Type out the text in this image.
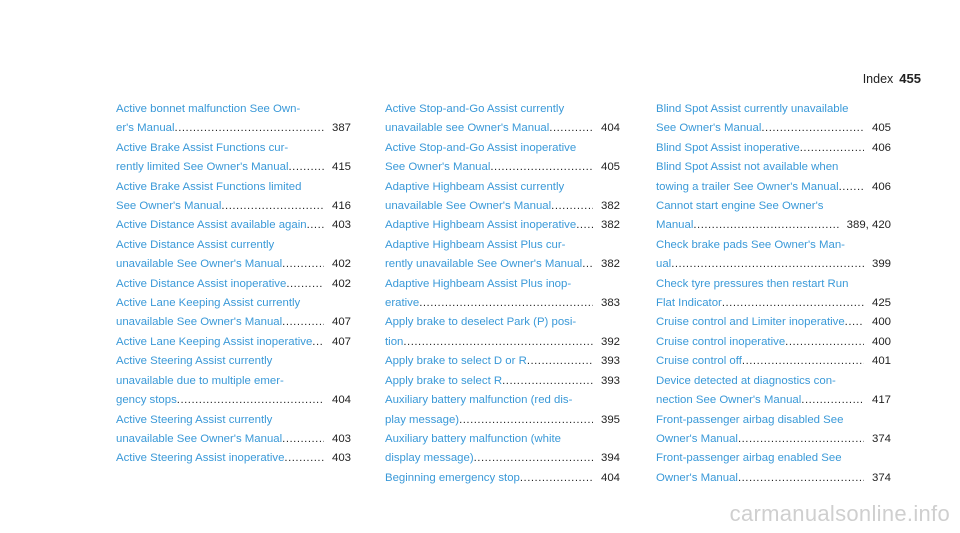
Index 455
Active bonnet malfunction See Own-
er's Manual .....	387
Active Brake Assist Functions cur-
rently limited See Owner's Manual .....	415
Active Brake Assist Functions limited
See Owner's Manual .....	416
Active Distance Assist available again .....	403
Active Distance Assist currently
unavailable See Owner's Manual .....	402
Active Distance Assist inoperative .....	402
Active Lane Keeping Assist currently
unavailable See Owner's Manual .....	407
Active Lane Keeping Assist inoperative .....	407
Active Steering Assist currently
unavailable due to multiple emer-
gency stops .....	404
Active Steering Assist currently
unavailable See Owner's Manual .....	403
Active Steering Assist inoperative .....	403
Active Stop-and-Go Assist currently
unavailable see Owner's Manual .....	404
Active Stop-and-Go Assist inoperative
See Owner's Manual .....	405
Adaptive Highbeam Assist currently
unavailable See Owner's Manual .....	382
Adaptive Highbeam Assist inoperative .....	382
Adaptive Highbeam Assist Plus cur-
rently unavailable See Owner's Manual .....	382
Adaptive Highbeam Assist Plus inop-
erative .....	383
Apply brake to deselect Park (P) posi-
tion .....	392
Apply brake to select D or R .....	393
Apply brake to select R .....	393
Auxiliary battery malfunction (red dis-
play message) .....	395
Auxiliary battery malfunction (white
display message) .....	394
Beginning emergency stop .....	404
Blind Spot Assist currently unavailable
See Owner's Manual .....	405
Blind Spot Assist inoperative .....	406
Blind Spot Assist not available when
towing a trailer See Owner's Manual .....	406
Cannot start engine See Owner's
Manual .....	389, 420
Check brake pads See Owner's Man-
ual .....	399
Check tyre pressures then restart Run
Flat Indicator .....	425
Cruise control and Limiter inoperative .....	400
Cruise control inoperative .....	400
Cruise control off .....	401
Device detected at diagnostics con-
nection See Owner's Manual .....	417
Front-passenger airbag disabled See
Owner's Manual .....	374
Front-passenger airbag enabled See
Owner's Manual .....	374
carmanualsonline.info
